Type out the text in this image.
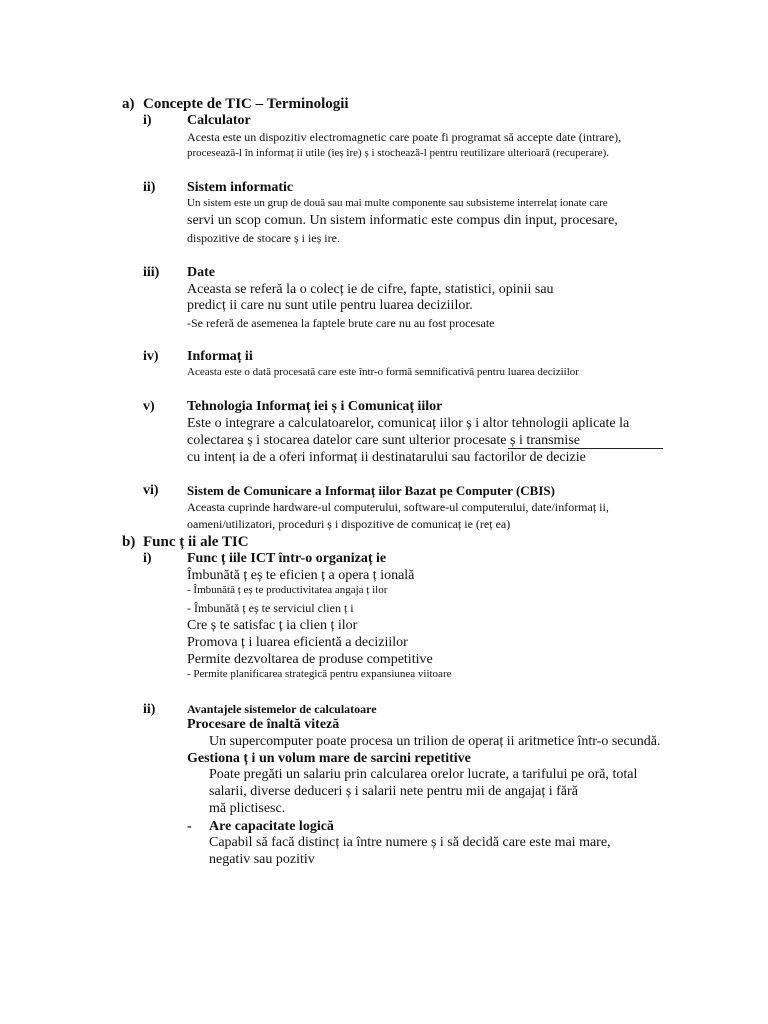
a) Concepte de TIC – Terminologii
i)	Calculator
Acesta este un dispozitiv electromagnetic care poate fi programat să accepte date (intrare),
procesează-l în informaț ii utile (ieș ire) ș i stochează-l pentru reutilizare ulterioară (recuperare).
ii) Sistem informatic
Un sistem este un grup de două sau mai multe componente sau subsisteme interrelaț ionate care
servi un scop comun. Un sistem informatic este compus din input, procesare,
dispozitive de stocare ș i ieș ire.
iii) Date
Aceasta se referă la o colecț ie de cifre, fapte, statistici, opinii sau
predicț ii care nu sunt utile pentru luarea deciziilor.
-Se referă de asemenea la faptele brute care nu au fost procesate
iv) Informaț ii
Aceasta este o dată procesată care este într-o formă semnificativă pentru luarea deciziilor
v) Tehnologia Informaț iei ș i Comunicaț iilor
Este o integrare a calculatoarelor, comunicaț iilor ș i altor tehnologii aplicate la
colectarea ș i stocarea datelor care sunt ulterior procesate ș i transmise
cu intenț ia de a oferi informaț ii destinatarului sau factorilor de decizie
vi) Sistem de Comunicare a Informaț iilor Bazat pe Computer (CBIS)
Aceasta cuprinde hardware-ul computerului, software-ul computerului, date/informaț ii,
oameni/utilizatori, proceduri ș i dispozitive de comunicaț ie (reț ea)
b) Func ț ii ale TIC
i)	Func ț iile ICT într-o organizaț ie
Îmbunătă ț eș te eficien ț a opera ț ională
- Îmbunătă ț eș te productivitatea angaja ț ilor
- Îmbunătă ț eș te serviciul clien ț i
Cre ș te satisfac ț ia clien ț ilor
Promova ț i luarea eficientă a deciziilor
Permite dezvoltarea de produse competitive
- Permite planificarea strategică pentru expansiunea viitoare
ii)	Avantajele sistemelor de calculatoare
Procesare de înaltă viteză
Un supercomputer poate procesa un trilion de operaț ii aritmetice într-o secundă.
Gestiona ț i un volum mare de sarcini repetitive
Poate pregăti un salariu prin calcularea orelor lucrate, a tarifului pe oră, total
salarii, diverse deduceri ș i salarii nete pentru mii de angajaț i fără
mă plictisesc.
- Are capacitate logică
Capabil să facă distincț ia între numere ș i să decidă care este mai mare,
negativ sau pozitiv
